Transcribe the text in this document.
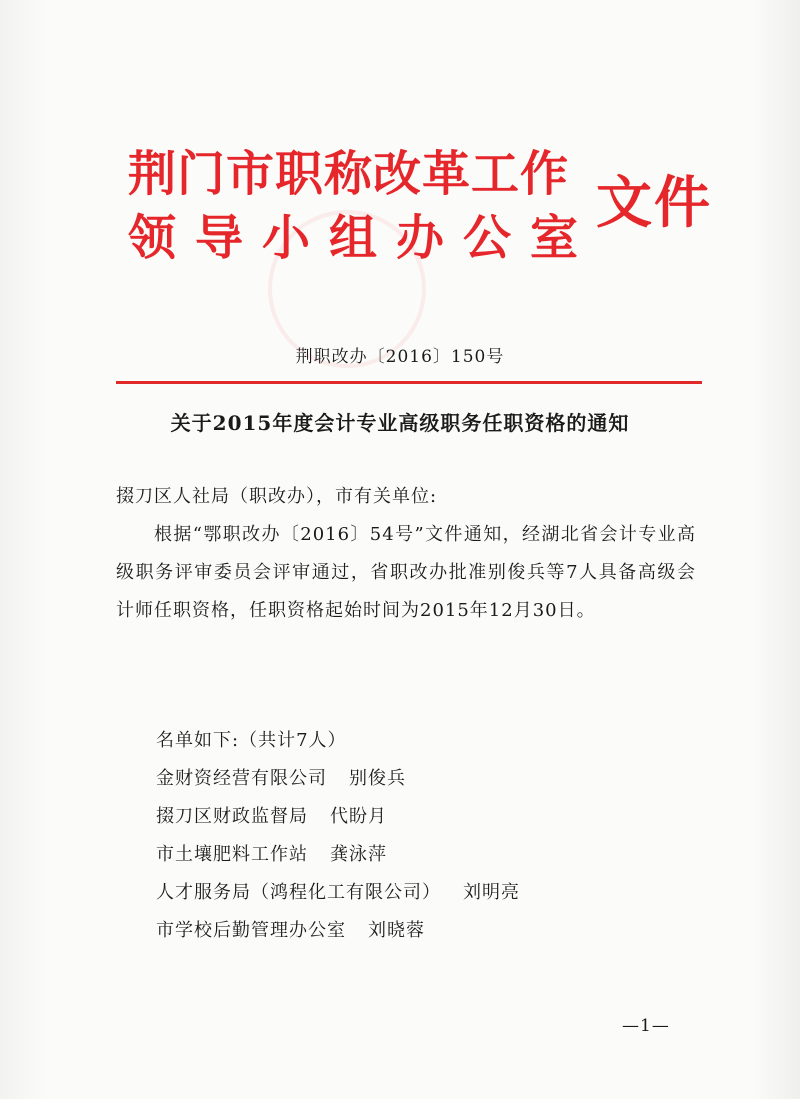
荆门市职称改革工作
领导小组办公室
文件
荆职改办〔2016〕150号
关于2015年度会计专业高级职务任职资格的通知
掇刀区人社局（职改办），市有关单位:
根据“鄂职改办〔2016〕54号”文件通知，经湖北省会计专业高级职务评审委员会评审通过，省职改办批准别俊兵等7人具备高级会计师任职资格，任职资格起始时间为2015年12月30日。
名单如下:（共计7人）
金财资经营有限公司 别俊兵
掇刀区财政监督局 代盼月
市土壤肥料工作站 龚泳萍
人才服务局（鸿程化工有限公司） 刘明亮
市学校后勤管理办公室 刘晓蓉
—1—
